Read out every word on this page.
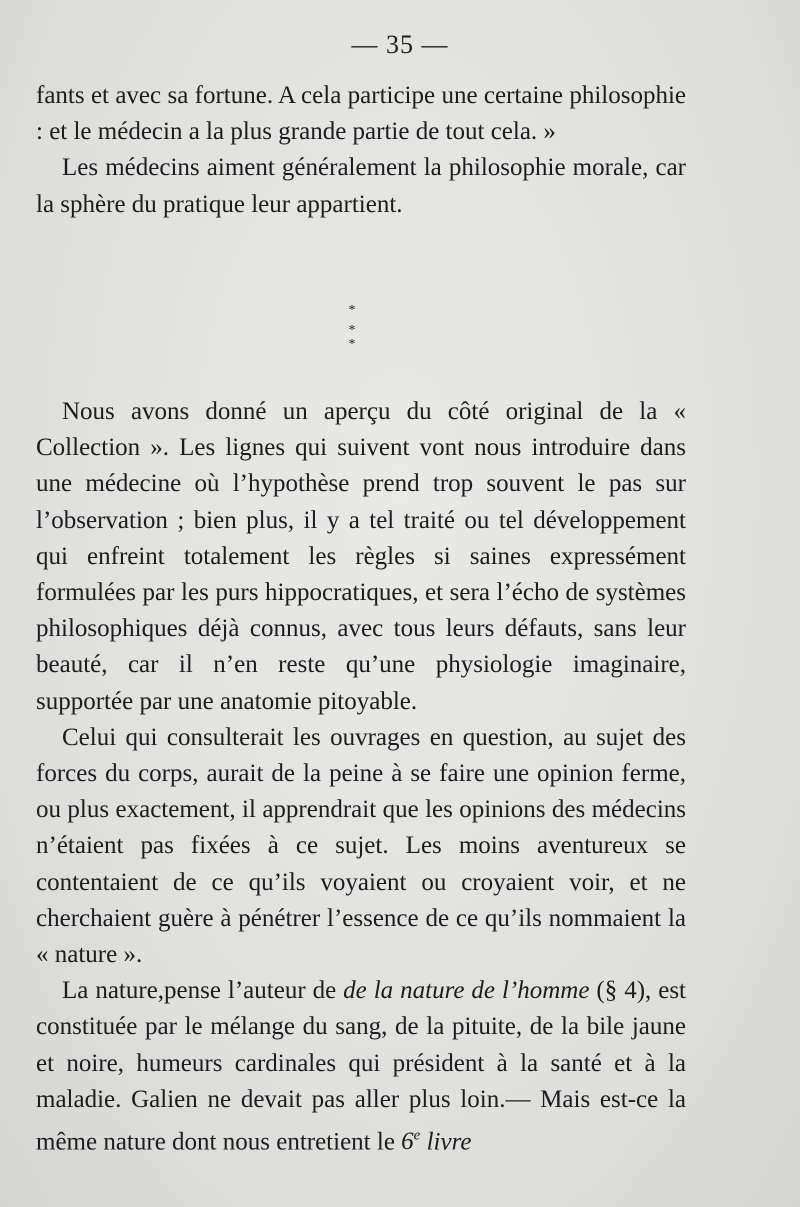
— 35 —

fants et avec sa fortune. A cela participe une certaine philosophie : et le médecin a la plus grande partie de tout cela. »

Les médecins aiment généralement la philosophie morale, car la sphère du pratique leur appartient.

*
* *

Nous avons donné un aperçu du côté original de la « Collection ». Les lignes qui suivent vont nous introduire dans une médecine où l’hypothèse prend trop souvent le pas sur l’observation ; bien plus, il y a tel traité ou tel développement qui enfreint totalement les règles si saines expressément formulées par les purs hippocratiques, et sera l’écho de systèmes philosophiques déjà connus, avec tous leurs défauts, sans leur beauté, car il n’en reste qu’une physiologie imaginaire, supportée par une anatomie pitoyable.

Celui qui consulterait les ouvrages en question, au sujet des forces du corps, aurait de la peine à se faire une opinion ferme, ou plus exactement, il apprendrait que les opinions des médecins n’étaient pas fixées à ce sujet. Les moins aventureux se contentaient de ce qu’ils voyaient ou croyaient voir, et ne cherchaient guère à pénétrer l’essence de ce qu’ils nommaient la « nature ».

La nature,pense l’auteur de de la nature de l’homme (§ 4), est constituée par le mélange du sang, de la pituite, de la bile jaune et noire, humeurs cardinales qui président à la santé et à la maladie. Galien ne devait pas aller plus loin.— Mais est-ce la même nature dont nous entretient le 6e livre
